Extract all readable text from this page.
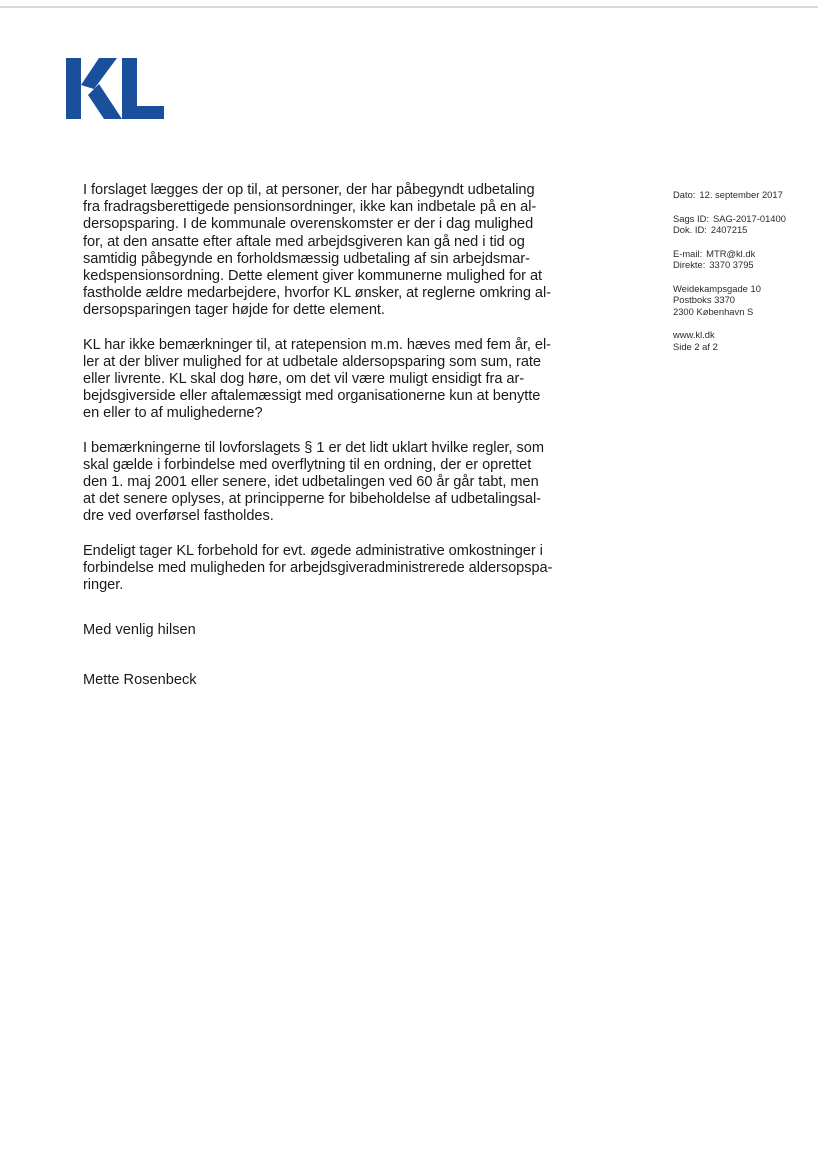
I forslaget lægges der op til, at personer, der har påbegyndt udbetaling
fra fradragsberettigede pensionsordninger, ikke kan indbetale på en al-
dersopsparing. I de kommunale overenskomster er der i dag mulighed
for, at den ansatte efter aftale med arbejdsgiveren kan gå ned i tid og
samtidig påbegynde en forholdsmæssig udbetaling af sin arbejdsmar-
kedspensionsordning. Dette element giver kommunerne mulighed for at
fastholde ældre medarbejdere, hvorfor KL ønsker, at reglerne omkring al-
dersopsparingen tager højde for dette element.

KL har ikke bemærkninger til, at ratepension m.m. hæves med fem år, el-
ler at der bliver mulighed for at udbetale aldersopsparing som sum, rate
eller livrente. KL skal dog høre, om det vil være muligt ensidigt fra ar-
bejdsgiverside eller aftalemæssigt med organisationerne kun at benytte
en eller to af mulighederne?

I bemærkningerne til lovforslagets § 1 er det lidt uklart hvilke regler, som
skal gælde i forbindelse med overflytning til en ordning, der er oprettet
den 1. maj 2001 eller senere, idet udbetalingen ved 60 år går tabt, men
at det senere oplyses, at principperne for bibeholdelse af udbetalingsal-
dre ved overførsel fastholdes.

Endeligt tager KL forbehold for evt. øgede administrative omkostninger i
forbindelse med muligheden for arbejdsgiveradministrerede aldersopspa-
ringer.

Med venlig hilsen
Mette Rosenbeck
Dato: 12. september 2017
Sags ID: SAG-2017-01400
Dok. ID: 2407215
E-mail: MTR@kl.dk
Direkte: 3370 3795
Weidekampsgade 10
Postboks 3370
2300 København S
www.kl.dk
Side 2 af 2
